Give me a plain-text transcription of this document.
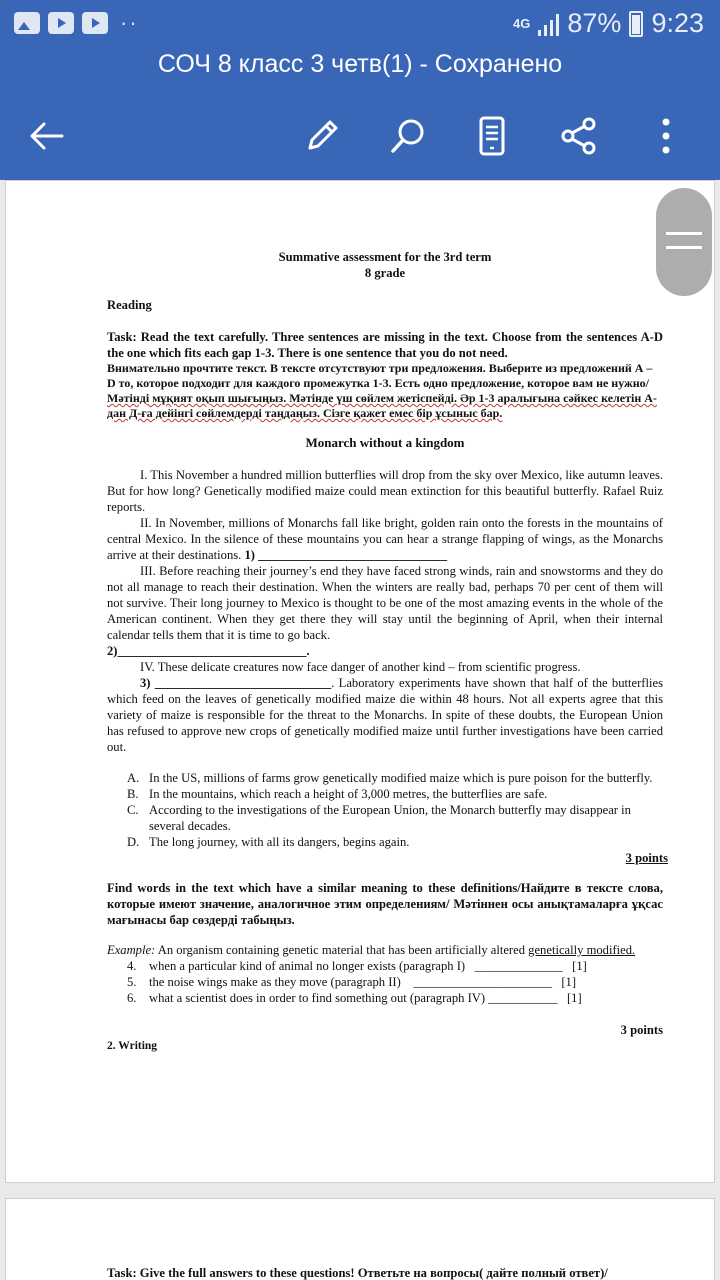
··	4G 87% 9:23
СОЧ 8 класс 3 четв(1) - Сохранено
Summative assessment for the 3rd term
8 grade
Reading
Task: Read the text carefully. Three sentences are missing in the text. Choose from the sentences A-D the one which fits each gap 1-3. There is one sentence that you do not need.
Внимательно прочтите текст. В тексте отсутствуют три предложения. Выберите из предложений А – D то, которое подходит для каждого промежутка 1-3. Есть одно предложение, которое вам не нужно/ Мәтінді мұқият оқып шығыңыз. Мәтінде үш сөйлем жетіспейді. Әр 1-3 аралығына сәйкес келетін А-дан Д-ға дейінгі сөйлемдерді таңдаңыз. Сізге қажет емес бір ұсыныс бар.
Monarch without a kingdom
I. This November a hundred million butterflies will drop from the sky over Mexico, like autumn leaves. But for how long? Genetically modified maize could mean extinction for this beautiful butterfly. Rafael Ruiz reports.
II. In November, millions of Monarchs fall like bright, golden rain onto the forests in the mountains of central Mexico. In the silence of these mountains you can hear a strange flapping of wings, as the Monarchs arrive at their destinations. 1) ______________________________
III. Before reaching their journey’s end they have faced strong winds, rain and snowstorms and they do not all manage to reach their destination. When the winters are really bad, perhaps 70 per cent of them will not survive. Their long journey to Mexico is thought to be one of the most amazing events in the whole of the American continent. When they get there they will stay until the beginning of April, when their internal calendar tells them that it is time to go back.
2)______________________________.
IV. These delicate creatures now face danger of another kind – from scientific progress.
3) ____________________________. Laboratory experiments have shown that half of the butterflies which feed on the leaves of genetically modified maize die within 48 hours. Not all experts agree that this variety of maize is responsible for the threat to the Monarchs. In spite of these doubts, the European Union has refused to approve new crops of genetically modified maize until further investigations have been carried out.
A. In the US, millions of farms grow genetically modified maize which is pure poison for the butterfly.
B. In the mountains, which reach a height of 3,000 metres, the butterflies are safe.
C. According to the investigations of the European Union, the Monarch butterfly may disappear in several decades.
D. The long journey, with all its dangers, begins again.
3 points
Find words in the text which have a similar meaning to these definitions/Найдите в тексте слова, которые имеют значение, аналогичное этим определениям/ Мәтіннен осы анықтамаларға ұқсас мағынасы бар сөздерді табыңыз.
Example: An organism containing genetic material that has been artificially altered genetically modified.
4. when a particular kind of animal no longer exists (paragraph I)   ______________   [1]
5. the noise wings make as they move (paragraph II)    ______________________   [1]
6. what a scientist does in order to find something out (paragraph IV) ___________   [1]
3 points
2. Writing
Task: Give the full answers to these questions! Ответьте на вопросы( дайте полный ответ)/
